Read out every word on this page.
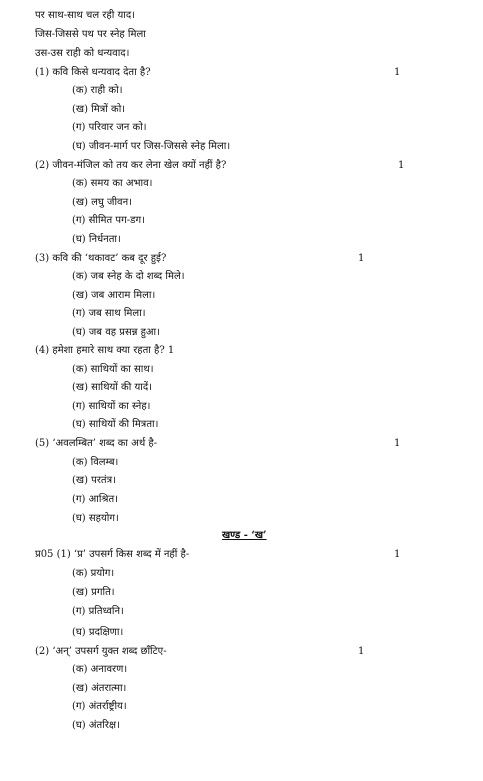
पर साथ-साथ चल रही याद।
जिस-जिससे पथ पर स्नेह मिला
उस-उस राही को धन्यवाद।
(1) कवि किसे धन्यवाद देता है?	1
(क) राही को।
(ख) मित्रों को।
(ग) परिवार जन को।
(घ) जीवन-मार्ग पर जिस-जिससे स्नेह मिला।
(2) जीवन-मंजिल को तय कर लेना खेल क्यों नहीं है?	1
(क) समय का अभाव।
(ख) लघु जीवन।
(ग) सीमित पग-डग।
(घ) निर्धनता।
(3) कवि की ‘थकावट’ कब दूर हुई?	1
(क) जब स्नेह के दो शब्द मिले।
(ख) जब आराम मिला।
(ग) जब साथ मिला।
(घ) जब वह प्रसन्न हुआ।
(4) हमेशा हमारे साथ क्या रहता है? 1
(क) साथियों का साथ।
(ख) साथियों की यादें।
(ग) साथियों का स्नेह।
(घ) साथियों की मित्रता।
(5) ‘अवलम्बित’ शब्द का अर्थ है-	1
(क) विलम्ब।
(ख) परतंत्र।
(ग) आश्रित।
(घ) सहयोग।
खण्ड - ‘ख’
प्र05 (1) ‘प्र’ उपसर्ग किस शब्द में नहीं है-	1
(क) प्रयोग।
(ख) प्रगति।
(ग) प्रतिध्वनि।
(घ) प्रदक्षिणा।
(2) ‘अन्’ उपसर्ग युक्त शब्द छाँटिए-	1
(क) अनावरण।
(ख) अंतरात्मा।
(ग) अंतर्राष्ट्रीय।
(घ) अंतरिक्ष।
